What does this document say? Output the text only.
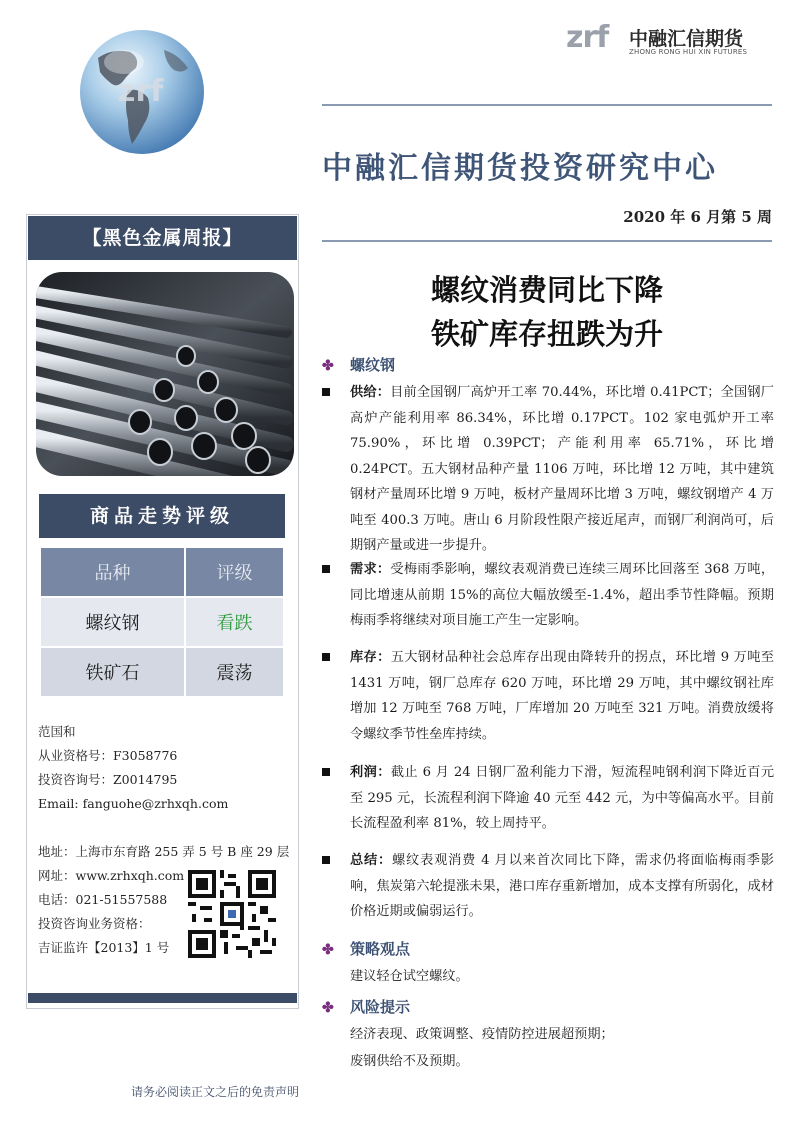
zrf
zrf 中融汇信期货
ZHONG RONG HUI XIN FUTURES
中融汇信期货投资研究中心
2020 年 6 月第 5 周
螺纹消费同比下降
铁矿库存扭跌为升
【黑色金属周报】
商品走势评级
品种	评级
螺纹钢	看跌
铁矿石	震荡
范国和
从业资格号：F3058776
投资咨询号：Z0014795
Email: fanguohe@zrhxqh.com
地址：上海市东育路 255 弄 5 号 B 座 29 层
网址：www.zrhxqh.com
电话：021-51557588
投资咨询业务资格：
吉证监许【2013】1 号
✤ 螺纹钢
供给：目前全国钢厂高炉开工率 70.44%，环比增 0.41PCT；全国钢厂高炉产能利用率 86.34%，环比增 0.17PCT。102 家电弧炉开工率 75.90%，环比增 0.39PCT；产能利用率 65.71%，环比增 0.24PCT。五大钢材品种产量 1106 万吨，环比增 12 万吨，其中建筑钢材产量周环比增 9 万吨，板材产量周环比增 3 万吨，螺纹钢增产 4 万吨至 400.3 万吨。唐山 6 月阶段性限产接近尾声，而钢厂利润尚可，后期钢产量或进一步提升。
需求：受梅雨季影响，螺纹表观消费已连续三周环比回落至 368 万吨，同比增速从前期 15%的高位大幅放缓至-1.4%，超出季节性降幅。预期梅雨季将继续对项目施工产生一定影响。
库存：五大钢材品种社会总库存出现由降转升的拐点，环比增 9 万吨至 1431 万吨，钢厂总库存 620 万吨，环比增 29 万吨，其中螺纹钢社库增加 12 万吨至 768 万吨，厂库增加 20 万吨至 321 万吨。消费放缓将令螺纹季节性垒库持续。
利润：截止 6 月 24 日钢厂盈利能力下滑，短流程吨钢利润下降近百元至 295 元，长流程利润下降逾 40 元至 442 元，为中等偏高水平。目前长流程盈利率 81%，较上周持平。
总结：螺纹表观消费 4 月以来首次同比下降，需求仍将面临梅雨季影响，焦炭第六轮提涨未果，港口库存重新增加，成本支撑有所弱化，成材价格近期或偏弱运行。
✤ 策略观点
建议轻仓试空螺纹。
✤ 风险提示
经济表现、政策调整、疫情防控进展超预期；
废钢供给不及预期。
请务必阅读正文之后的免责声明
